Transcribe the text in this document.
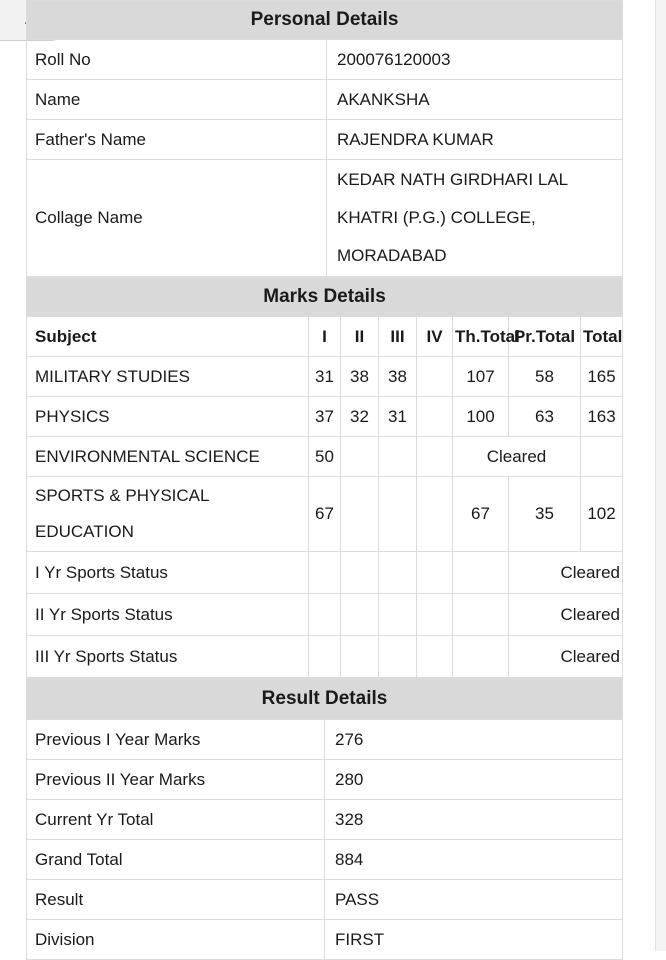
Personal Details	
Roll No	200076120003
Name	AKANKSHA
Father's Name	RAJENDRA KUMAR
Collage Name	KEDAR NATH GIRDHARI LAL
KHATRI (P.G.) COLLEGE,
MORADABAD
Marks Details							
Subject	I	II	III	IV	Th.Total	Pr.Total	Total
MILITARY STUDIES	31	38	38		107	58	165
PHYSICS	37	32	31		100	63	163
ENVIRONMENTAL SCIENCE	50				Cleared		

SPORTS & PHYSICAL
EDUCATION	67				67	35	102
I Yr Sports Status						Cleared	
II Yr Sports Status						Cleared	
III Yr Sports Status						Cleared	
Result Details	
Previous I Year Marks	276
Previous II Year Marks	280
Current Yr Total	328
Grand Total	884
Result	PASS
Division	FIRST
